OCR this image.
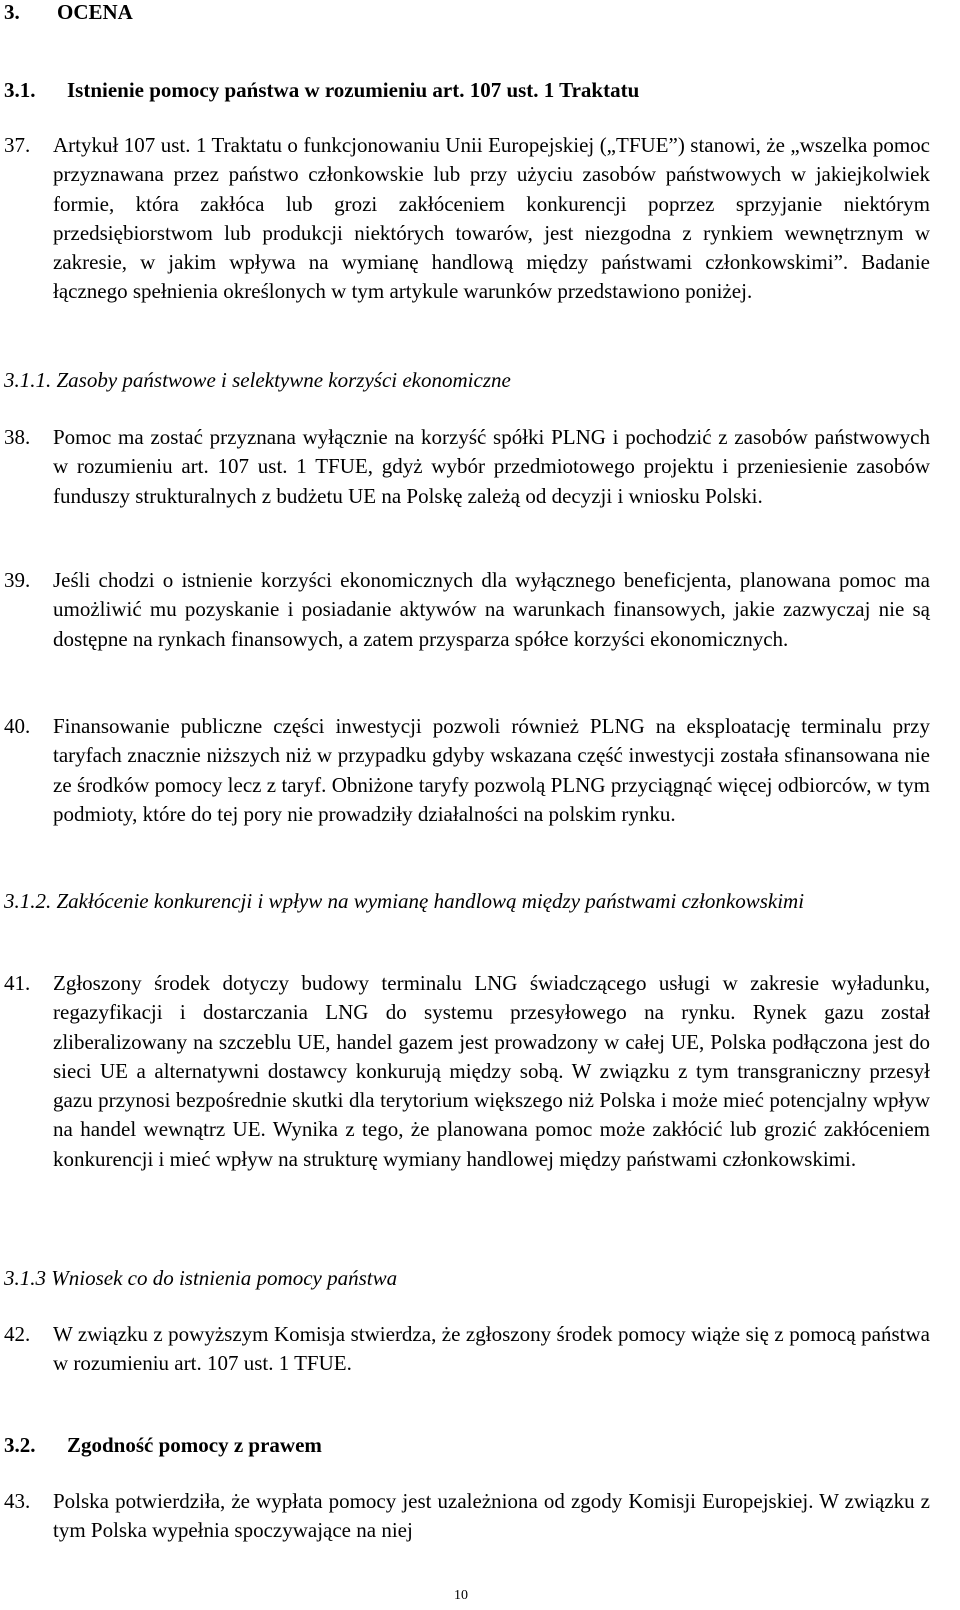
3. OCENA
3.1. Istnienie pomocy państwa w rozumieniu art. 107 ust. 1 Traktatu
37. Artykuł 107 ust. 1 Traktatu o funkcjonowaniu Unii Europejskiej („TFUE”) stanowi, że „wszelka pomoc przyznawana przez państwo członkowskie lub przy użyciu zasobów państwowych w jakiejkolwiek formie, która zakłóca lub grozi zakłóceniem konkurencji poprzez sprzyjanie niektórym przedsiębiorstwom lub produkcji niektórych towarów, jest niezgodna z rynkiem wewnętrznym w zakresie, w jakim wpływa na wymianę handlową między państwami członkowskimi”. Badanie łącznego spełnienia określonych w tym artykule warunków przedstawiono poniżej.
3.1.1. Zasoby państwowe i selektywne korzyści ekonomiczne
38. Pomoc ma zostać przyznana wyłącznie na korzyść spółki PLNG i pochodzić z zasobów państwowych w rozumieniu art. 107 ust. 1 TFUE, gdyż wybór przedmiotowego projektu i przeniesienie zasobów funduszy strukturalnych z budżetu UE na Polskę zależą od decyzji i wniosku Polski.
39. Jeśli chodzi o istnienie korzyści ekonomicznych dla wyłącznego beneficjenta, planowana pomoc ma umożliwić mu pozyskanie i posiadanie aktywów na warunkach finansowych, jakie zazwyczaj nie są dostępne na rynkach finansowych, a zatem przysparza spółce korzyści ekonomicznych.
40. Finansowanie publiczne części inwestycji pozwoli również PLNG na eksploatację terminalu przy taryfach znacznie niższych niż w przypadku gdyby wskazana część inwestycji została sfinansowana nie ze środków pomocy lecz z taryf. Obniżone taryfy pozwolą PLNG przyciągnąć więcej odbiorców, w tym podmioty, które do tej pory nie prowadziły działalności na polskim rynku.
3.1.2. Zakłócenie konkurencji i wpływ na wymianę handlową między państwami członkowskimi
41. Zgłoszony środek dotyczy budowy terminalu LNG świadczącego usługi w zakresie wyładunku, regazyfikacji i dostarczania LNG do systemu przesyłowego na rynku. Rynek gazu został zliberalizowany na szczeblu UE, handel gazem jest prowadzony w całej UE, Polska podłączona jest do sieci UE a alternatywni dostawcy konkurują między sobą. W związku z tym transgraniczny przesył gazu przynosi bezpośrednie skutki dla terytorium większego niż Polska i może mieć potencjalny wpływ na handel wewnątrz UE. Wynika z tego, że planowana pomoc może zakłócić lub grozić zakłóceniem konkurencji i mieć wpływ na strukturę wymiany handlowej między państwami członkowskimi.
3.1.3 Wniosek co do istnienia pomocy państwa
42. W związku z powyższym Komisja stwierdza, że zgłoszony środek pomocy wiąże się z pomocą państwa w rozumieniu art. 107 ust. 1 TFUE.
3.2. Zgodność pomocy z prawem
43. Polska potwierdziła, że wypłata pomocy jest uzależniona od zgody Komisji Europejskiej. W związku z tym Polska wypełnia spoczywające na niej
10
